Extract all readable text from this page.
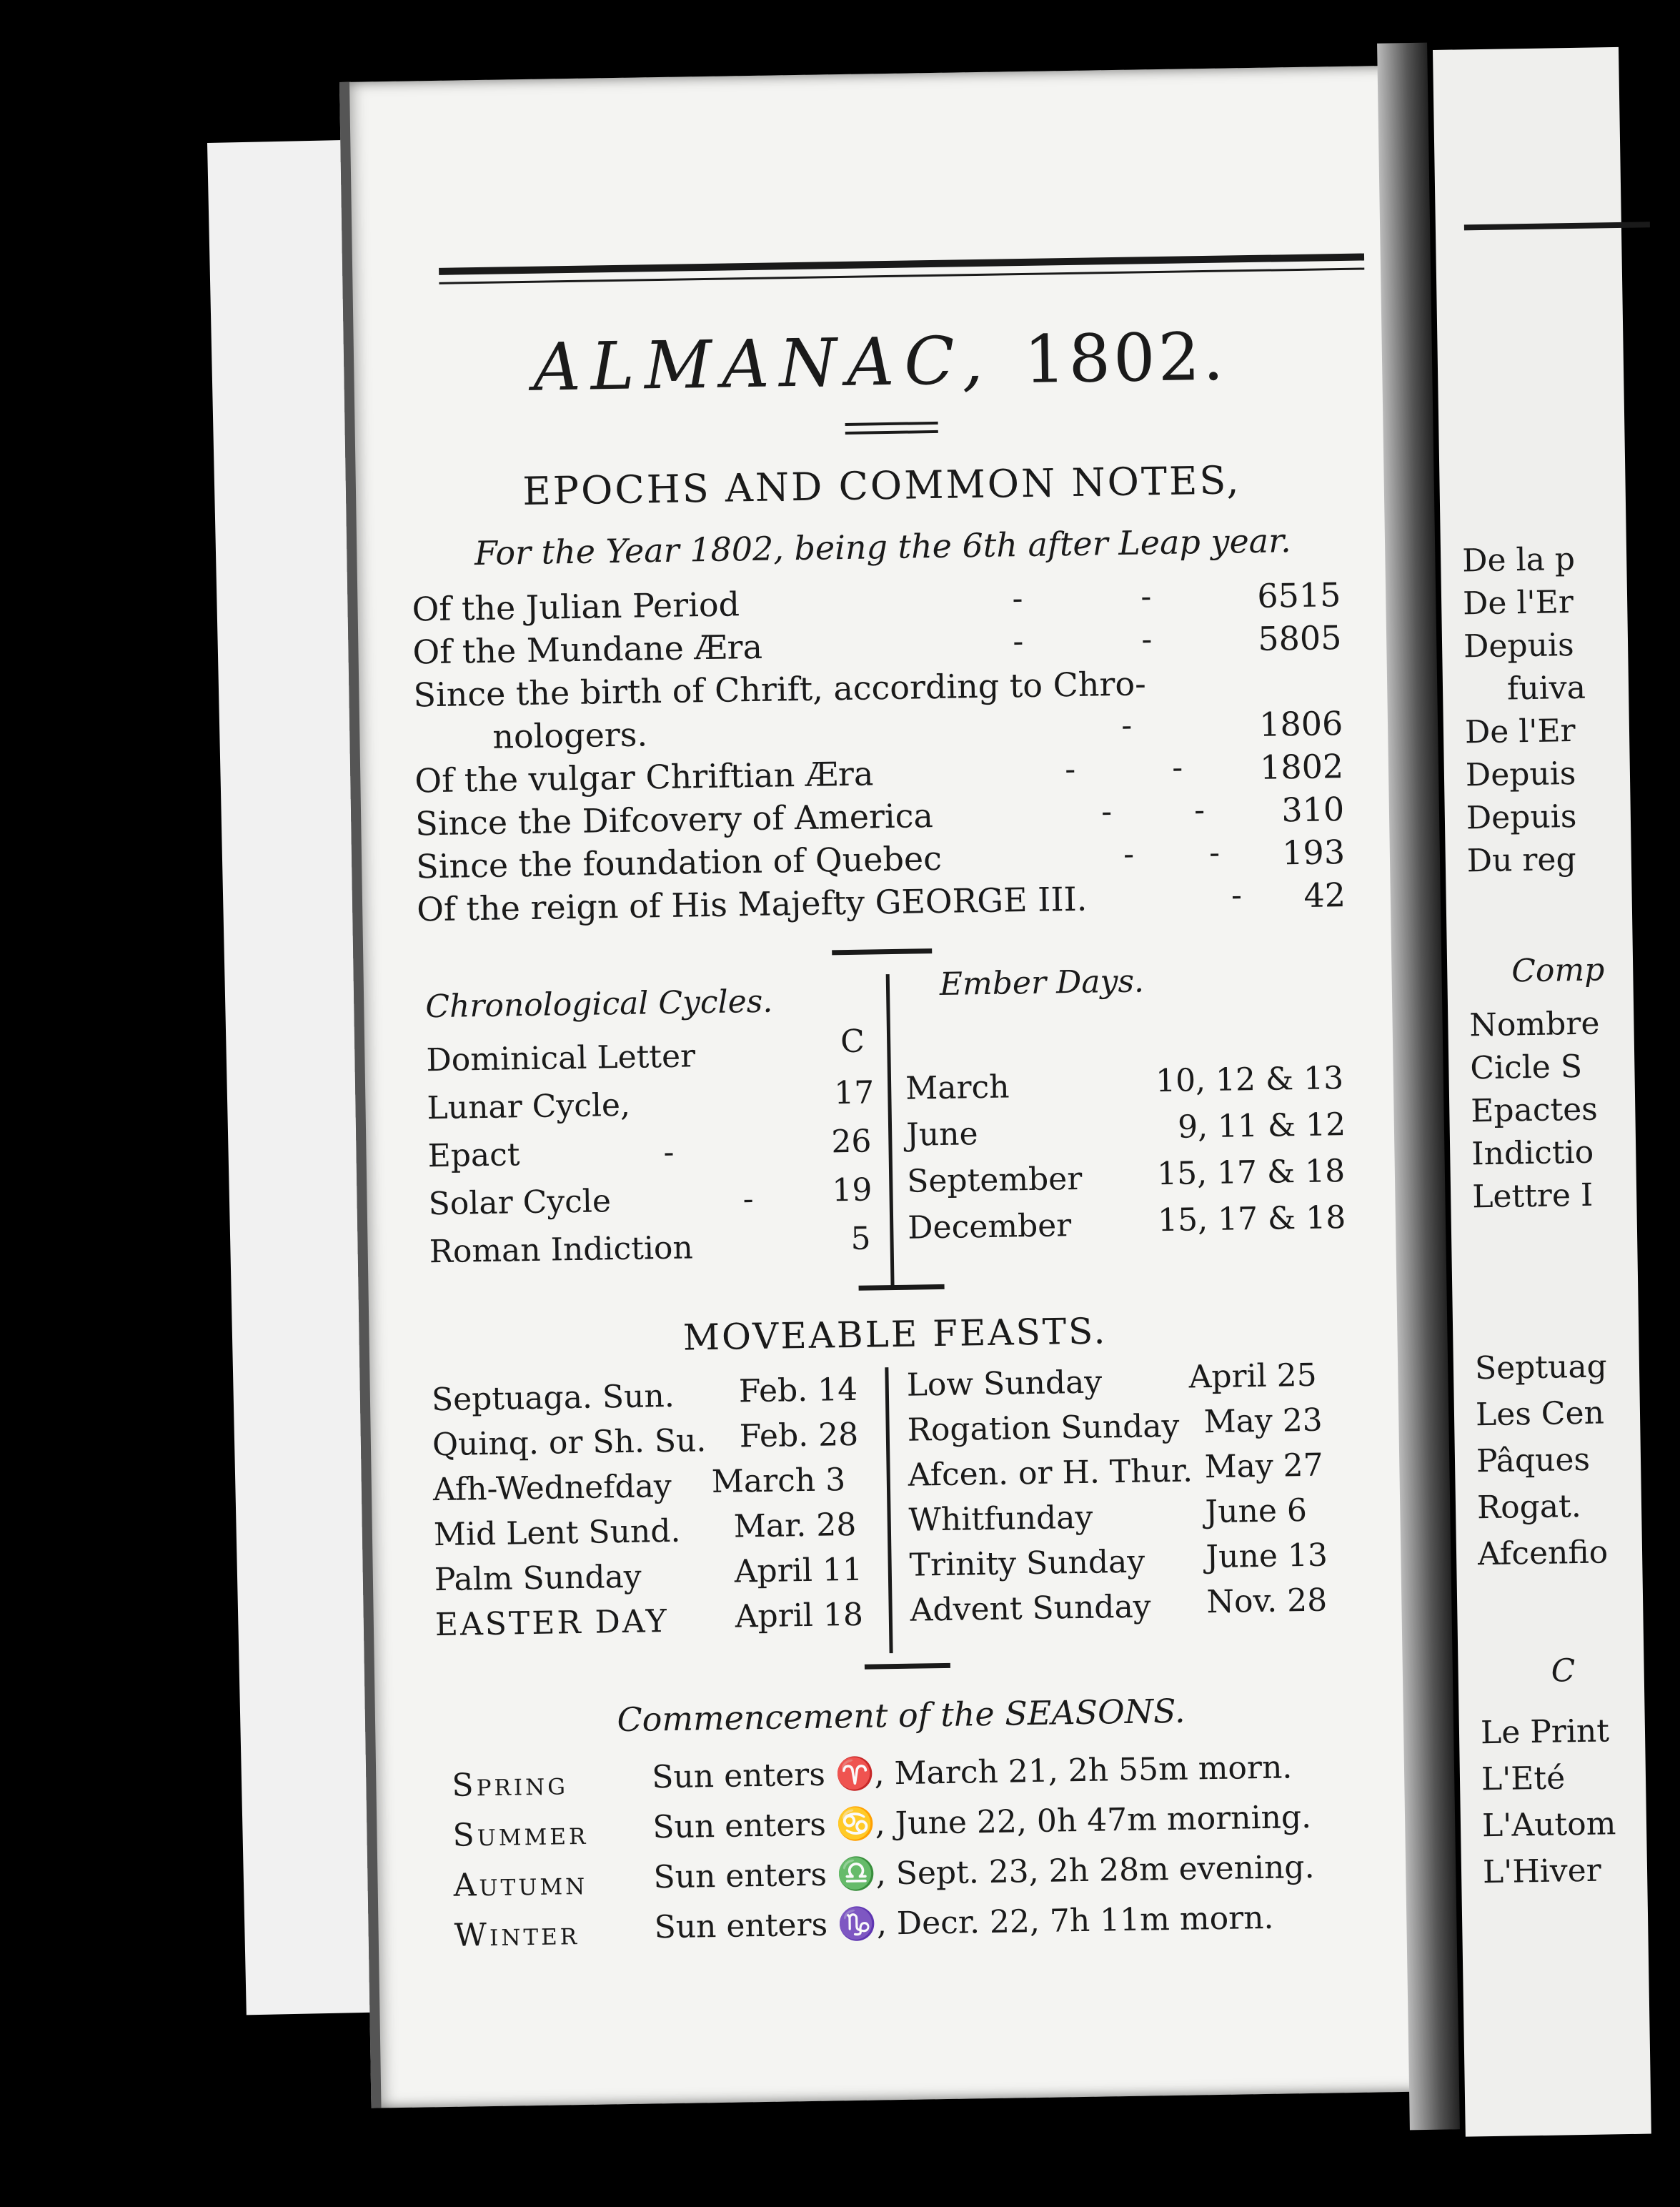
ALMANAC, 1802.
EPOCHS AND COMMON NOTES,
For the Year 1802, being the 6th after Leap year.
Of the Julian Period	-	-	6515
Of the Mundane Æra	-	-	5805
Since the birth of Chrift, according to Chro-
nologers.	-	1806
Of the vulgar Chriftian Æra	-	-	1802
Since the Difcovery of America	-	-	310
Since the foundation of Quebec	- -	193
Of the reign of His Majefty GEORGE III.	-	42
Chronological Cycles.
Ember Days.
Dominical Letter	C
Lunar Cycle,	17
Epact	-	26
Solar Cycle	- 19
Roman Indiction	5
March	10, 12 & 13
June	9, 11 & 12
September 15, 17 & 18
December	15, 17 & 18
MOVEABLE FEASTS.
Septuaga. Sun. Feb. 14
Quinq. or Sh. Su. Feb. 28
Afh-Wednefday March 3
Mid Lent Sund. Mar. 28
Palm Sunday	April 11
EASTER DAY April 18
Low Sunday	April 25
Rogation Sunday May 23
Afcen. or H. Thur. May 27
Whitfunday	June 6
Trinity Sunday June 13
Advent Sunday Nov. 28
Commencement of the SEASONS.
Spring	Sun enters ♈, March 21, 2h 55m morn.
Summer Sun enters ♋, June 22, 0h 47m morning.
Autumn Sun enters ♎, Sept. 23, 2h 28m evening.
Winter Sun enters ♑, Decr. 22, 7h 11m morn.
De la p
De l'Er
Depuis
fuiva
De l'Er
Depuis
Depuis
Du reg
Comp
Nombre
Cicle S
Epactes
Indictio
Lettre I
Septuag
Les Cen
Pâques
Rogat.
Afcenfio
C
Le Print
L'Eté
L'Autom
L'Hiver
